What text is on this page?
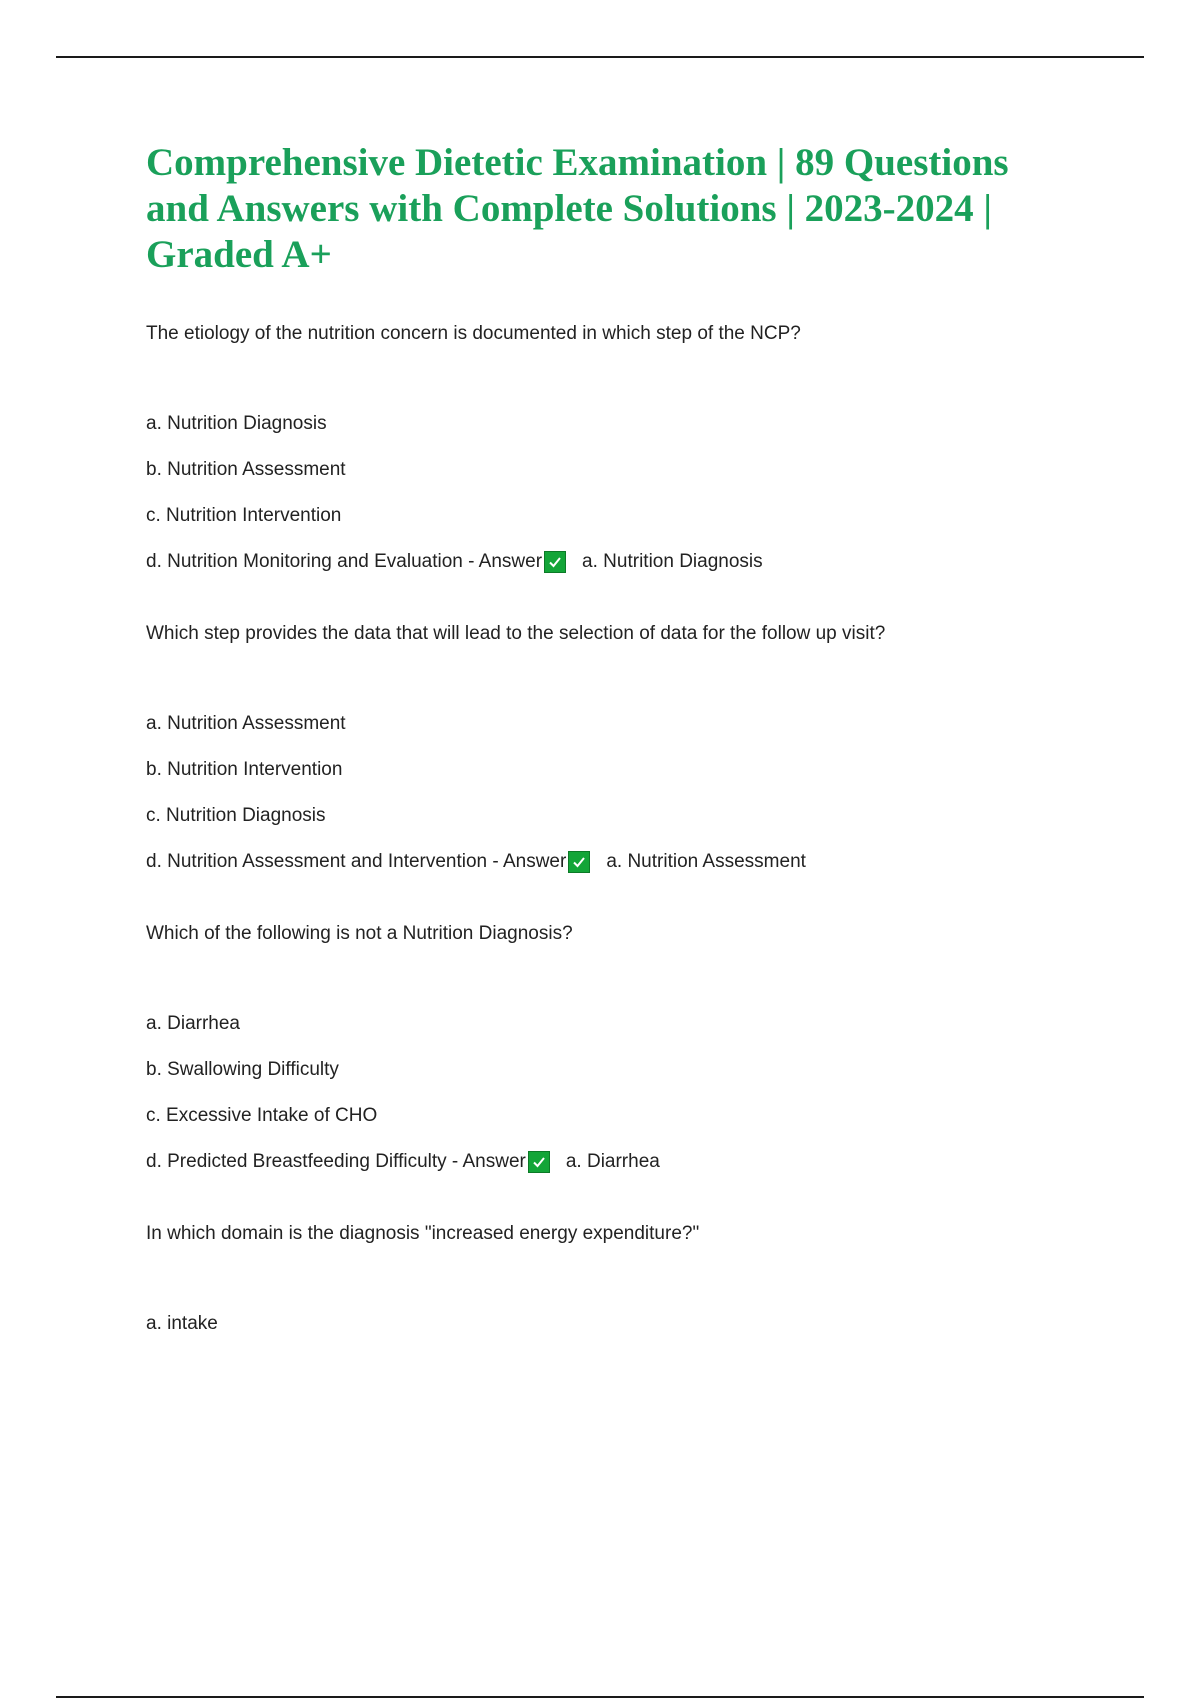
Comprehensive Dietetic Examination | 89 Questions and Answers with Complete Solutions | 2023-2024 | Graded A+

The etiology of the nutrition concern is documented in which step of the NCP?

a. Nutrition Diagnosis
b. Nutrition Assessment
c. Nutrition Intervention
d. Nutrition Monitoring and Evaluation - Answer a. Nutrition Diagnosis

Which step provides the data that will lead to the selection of data for the follow up visit?

a. Nutrition Assessment
b. Nutrition Intervention
c. Nutrition Diagnosis
d. Nutrition Assessment and Intervention - Answer a. Nutrition Assessment

Which of the following is not a Nutrition Diagnosis?

a. Diarrhea
b. Swallowing Difficulty
c. Excessive Intake of CHO
d. Predicted Breastfeeding Difficulty - Answer a. Diarrhea

In which domain is the diagnosis "increased energy expenditure?"

a. intake
